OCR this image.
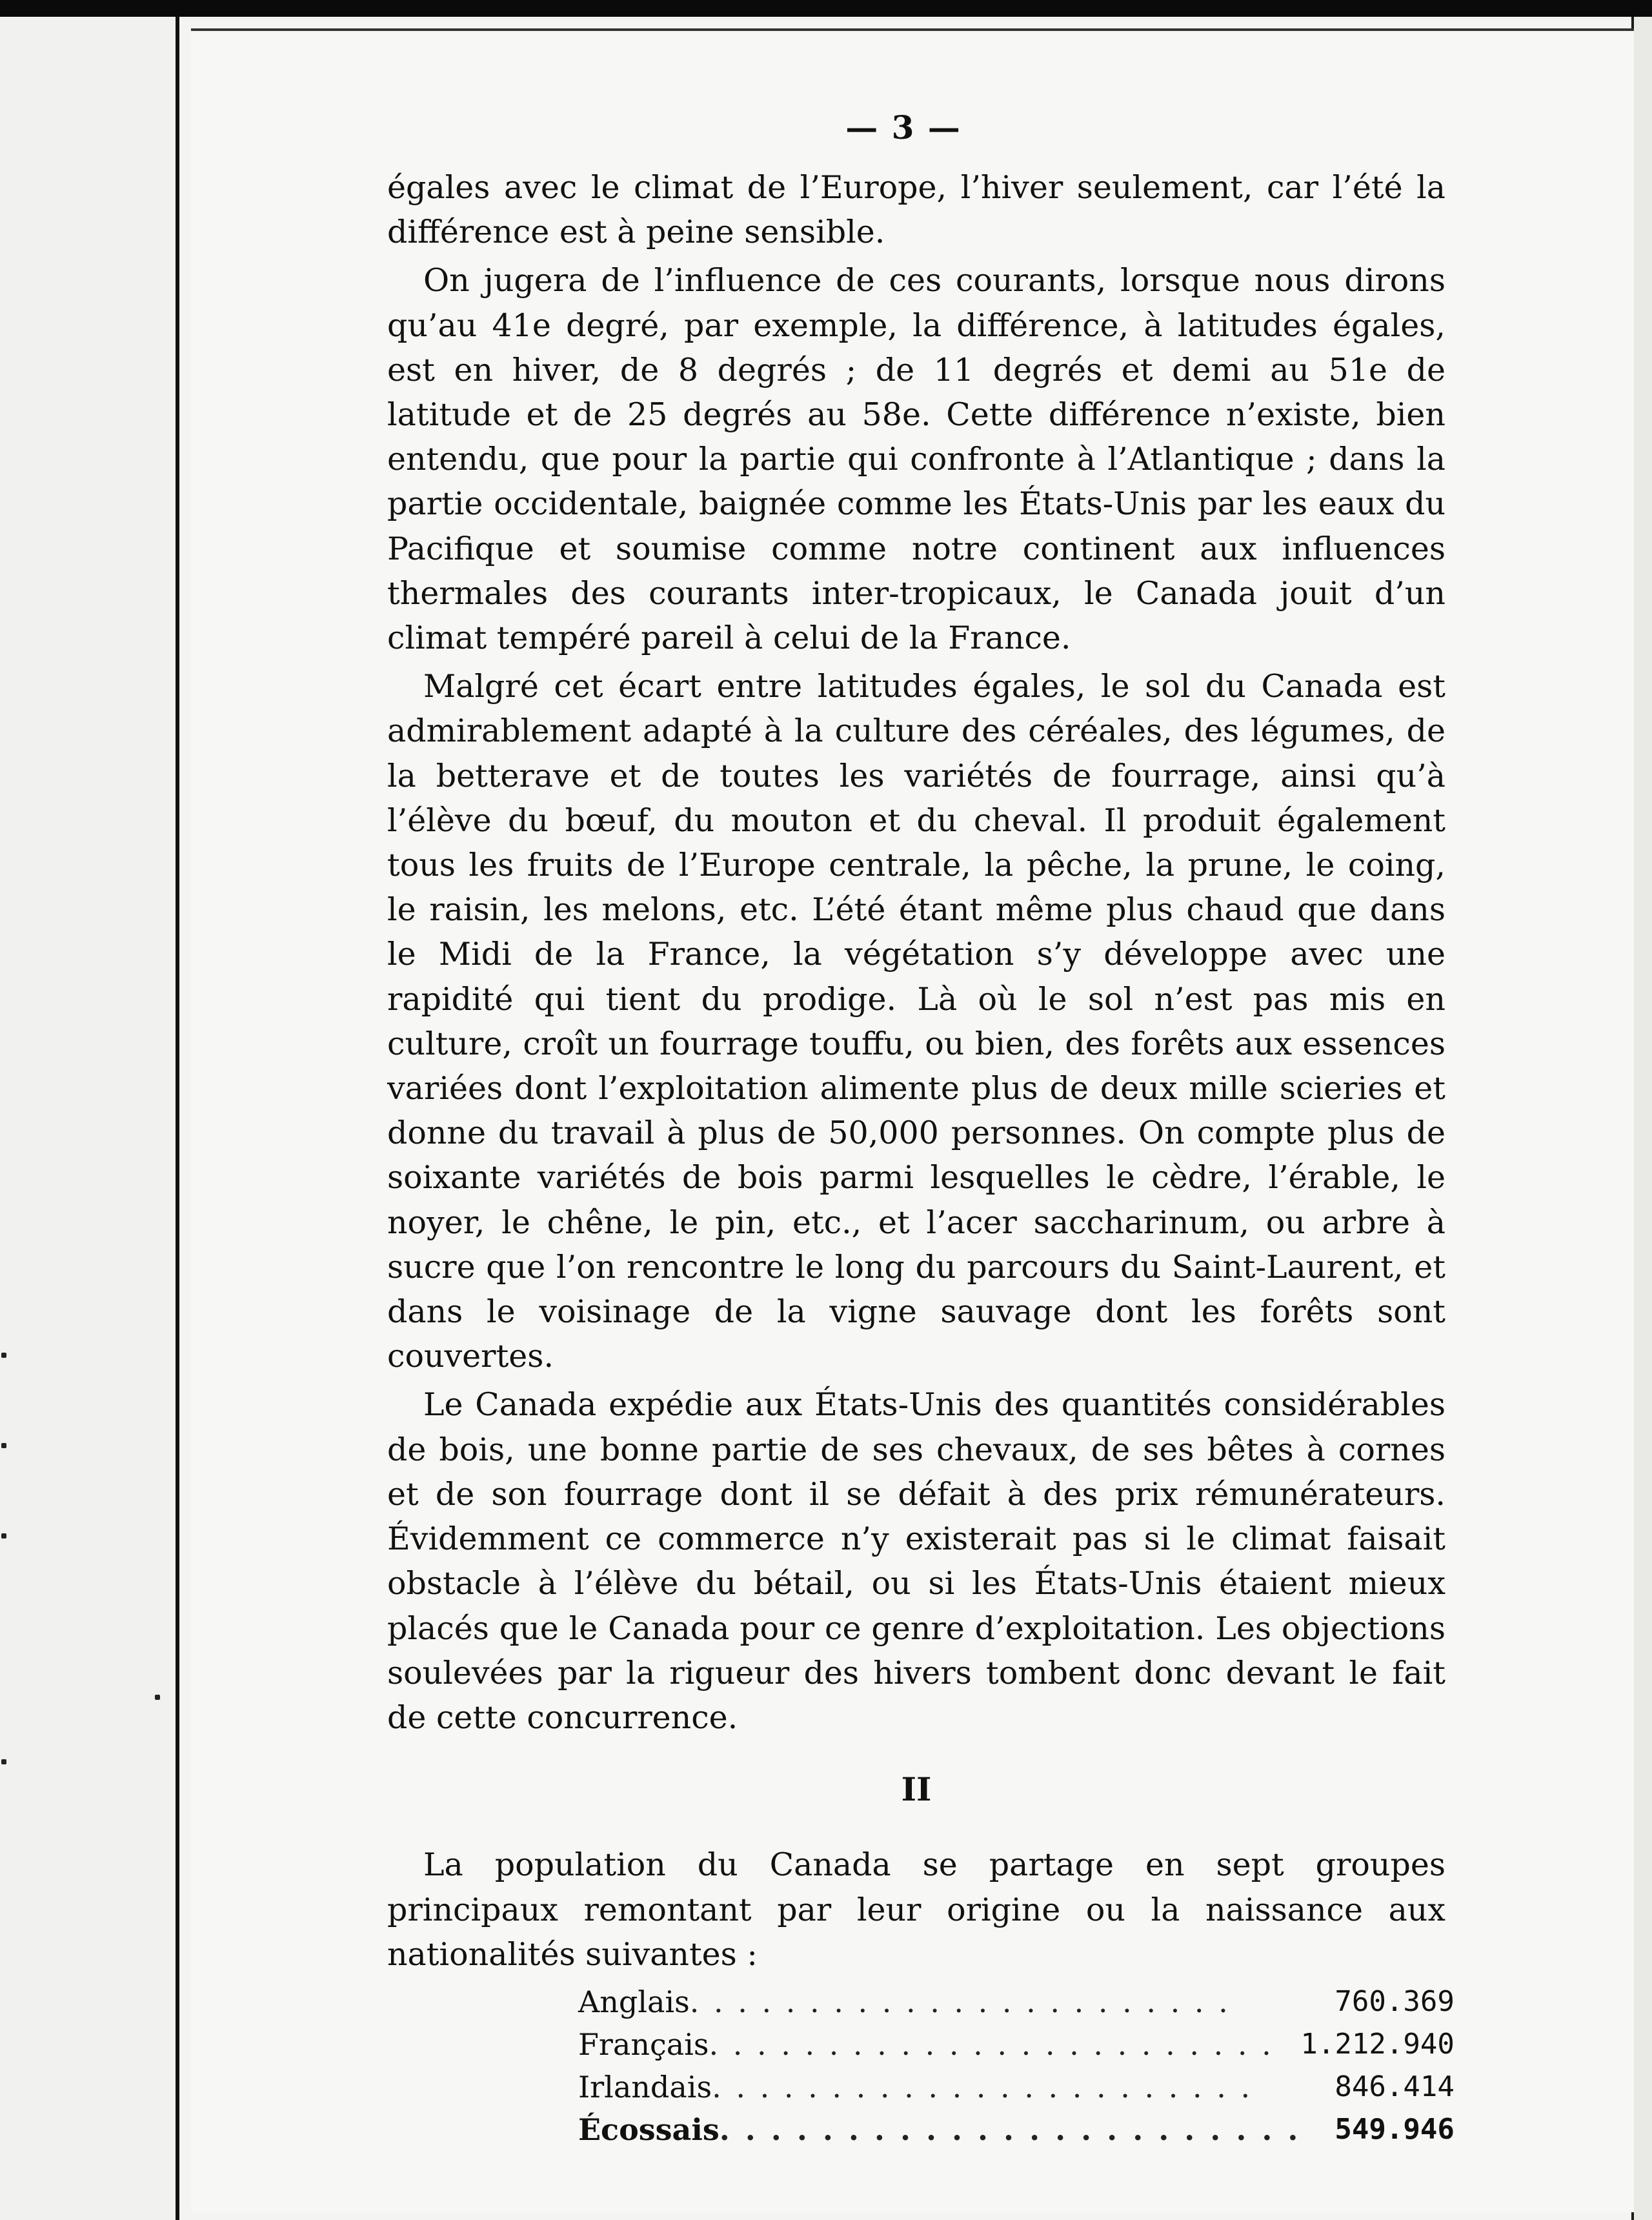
— 3 —

égales avec le climat de l’Europe, l’hiver seulement, car l’été la différence est à peine sensible.

On jugera de l’influence de ces courants, lorsque nous dirons qu’au 41e degré, par exemple, la différence, à latitudes égales, est en hiver, de 8 degrés ; de 11 degrés et demi au 51e de latitude et de 25 degrés au 58e. Cette différence n’existe, bien entendu, que pour la partie qui confronte à l’Atlantique ; dans la partie occidentale, baignée comme les États-Unis par les eaux du Pacifique et soumise comme notre continent aux influences thermales des courants inter-tropicaux, le Canada jouit d’un climat tempéré pareil à celui de la France.

Malgré cet écart entre latitudes égales, le sol du Canada est admirablement adapté à la culture des céréales, des légumes, de la betterave et de toutes les variétés de fourrage, ainsi qu’à l’élève du bœuf, du mouton et du cheval. Il produit également tous les fruits de l’Europe centrale, la pêche, la prune, le coing, le raisin, les melons, etc. L’été étant même plus chaud que dans le Midi de la France, la végétation s’y développe avec une rapidité qui tient du prodige. Là où le sol n’est pas mis en culture, croît un fourrage touffu, ou bien, des forêts aux essences variées dont l’exploitation alimente plus de deux mille scieries et donne du travail à plus de 50,000 personnes. On compte plus de soixante variétés de bois parmi lesquelles le cèdre, l’érable, le noyer, le chêne, le pin, etc., et l’acer saccharinum, ou arbre à sucre que l’on rencontre le long du parcours du Saint-Laurent, et dans le voisinage de la vigne sauvage dont les forêts sont couvertes.

Le Canada expédie aux États-Unis des quantités considérables de bois, une bonne partie de ses chevaux, de ses bêtes à cornes et de son fourrage dont il se défait à des prix rémunérateurs. Évidemment ce commerce n’y existerait pas si le climat faisait obstacle à l’élève du bétail, ou si les États-Unis étaient mieux placés que le Canada pour ce genre d’exploitation. Les objections soulevées par la rigueur des hivers tombent donc devant le fait de cette concurrence.

II

La population du Canada se partage en sept groupes principaux remontant par leur origine ou la naissance aux nationalités suivantes :

Anglais. . . . . . . . . . . . . . . . . . . . . . .	760.369
Français. . . . . . . . . . . . . . . . . . . . . . . .	1.212.940
Irlandais. . . . . . . . . . . . . . . . . . . . . . .	846.414
Écossais. . . . . . . . . . . . . . . . . . . . . . .	549.946
